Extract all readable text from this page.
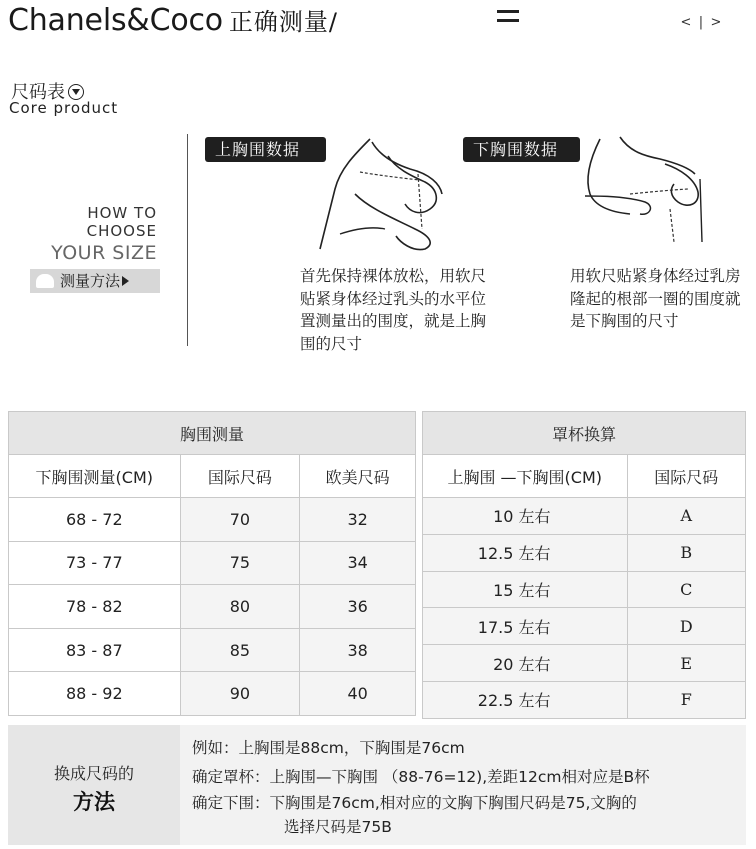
Chanels&Coco 正确测量/	< | >
尺码表
Core product
HOW TO
CHOOSE
YOUR SIZE
测量方法
上胸围数据
首先保持裸体放松，用软尺贴紧身体经过乳头的水平位置测量出的围度，就是上胸围的尺寸
下胸围数据
用软尺贴紧身体经过乳房隆起的根部一圈的围度就是下胸围的尺寸
胸围测量		
下胸围测量(CM)	国际尺码	欧美尺码
68 - 72	70	32
73 - 77	75	34
78 - 82	80	36
83 - 87	85	38
88 - 92	90	40
罩杯换算	
上胸围 —下胸围(CM)	国际尺码
10 左右	A
12.5 左右	B
15 左右	C
17.5 左右	D
20 左右	E
22.5 左右	F
换成尺码的
方法
例如：上胸围是88cm，下胸围是76cm
确定罩杯：上胸围—下胸围 （88-76=12),差距12cm相对应是B杯
确定下围：下胸围是76cm,相对应的文胸下胸围尺码是75,文胸的
选择尺码是75B
